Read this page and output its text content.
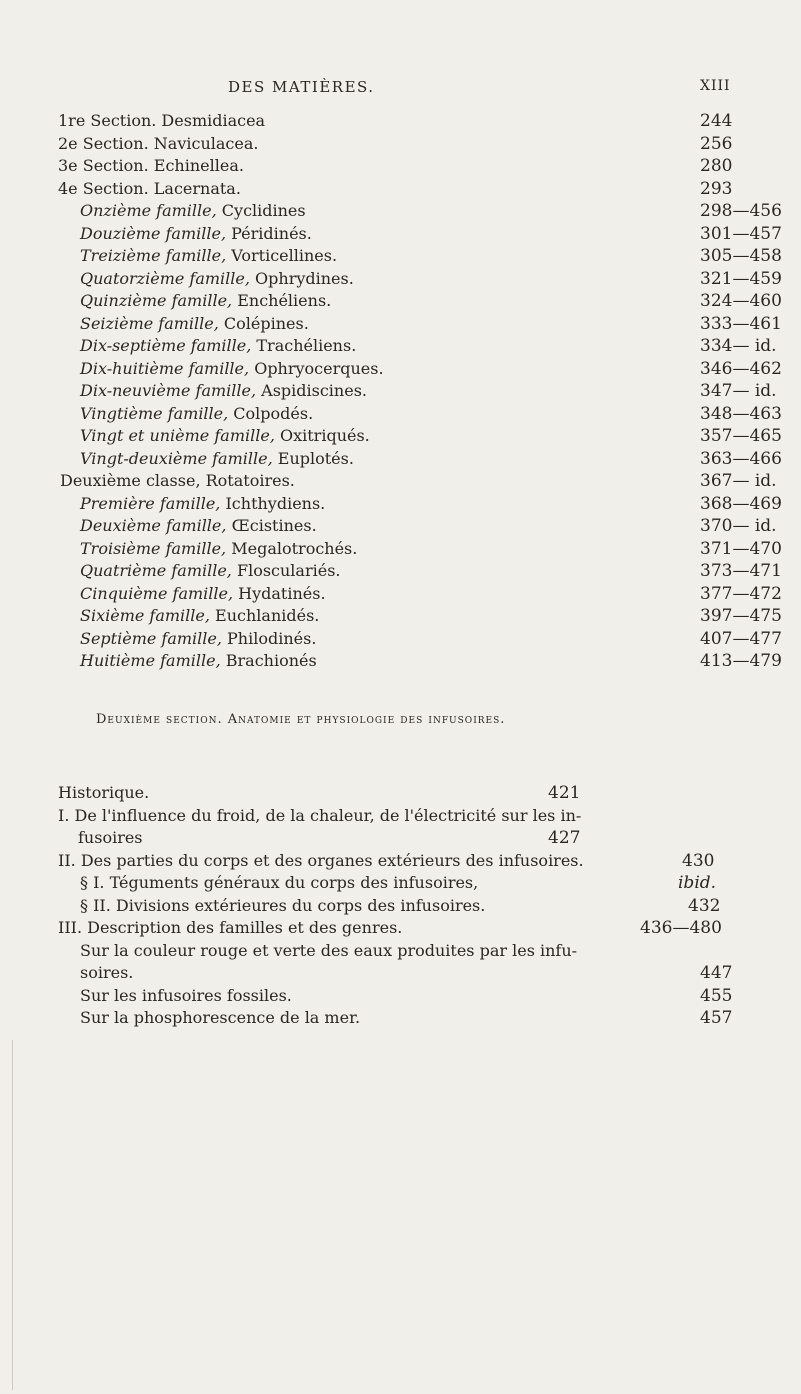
DES MATIÈRES.	XIII
1re Section. Desmidiacea	244
2e Section. Naviculacea.	256
3e Section. Echinellea.	280
4e Section. Lacernata.	293
Onzième famille, Cyclidines	298—456
Douzième famille, Péridinés.	301—457
Treizième famille, Vorticellines.	305—458
Quatorzième famille, Ophrydines.	321—459
Quinzième famille, Enchéliens.	324—460
Seizième famille, Colépines.	333—461
Dix-septième famille, Trachéliens.	334— id.
Dix-huitième famille, Ophryocerques.	346—462
Dix-neuvième famille, Aspidiscines.	347— id.
Vingtième famille, Colpodés.	348—463
Vingt et unième famille, Oxitriqués.	357—465
Vingt-deuxième famille, Euplotés.	363—466
Deuxième classe, Rotatoires.	367— id.
Première famille, Ichthydiens.	368—469
Deuxième famille, Œcistines.	370— id.
Troisième famille, Megalotrochés.	371—470
Quatrième famille, Flosculariés.	373—471
Cinquième famille, Hydatinés.	377—472
Sixième famille, Euchlanidés.	397—475
Septième famille, Philodinés.	407—477
Huitième famille, Brachionés	413—479
Deuxième section. Anatomie et physiologie des infusoires.
Historique.	421
I. De l'influence du froid, de la chaleur, de l'électricité sur les in-
fusoires	427
II. Des parties du corps et des organes extérieurs des infusoires.	430
§ I. Téguments généraux du corps des infusoires,	ibid.
§ II. Divisions extérieures du corps des infusoires.	432
III. Description des familles et des genres.	436—480
Sur la couleur rouge et verte des eaux produites par les infu-
soires.	447
Sur les infusoires fossiles.	455
Sur la phosphorescence de la mer.	457
